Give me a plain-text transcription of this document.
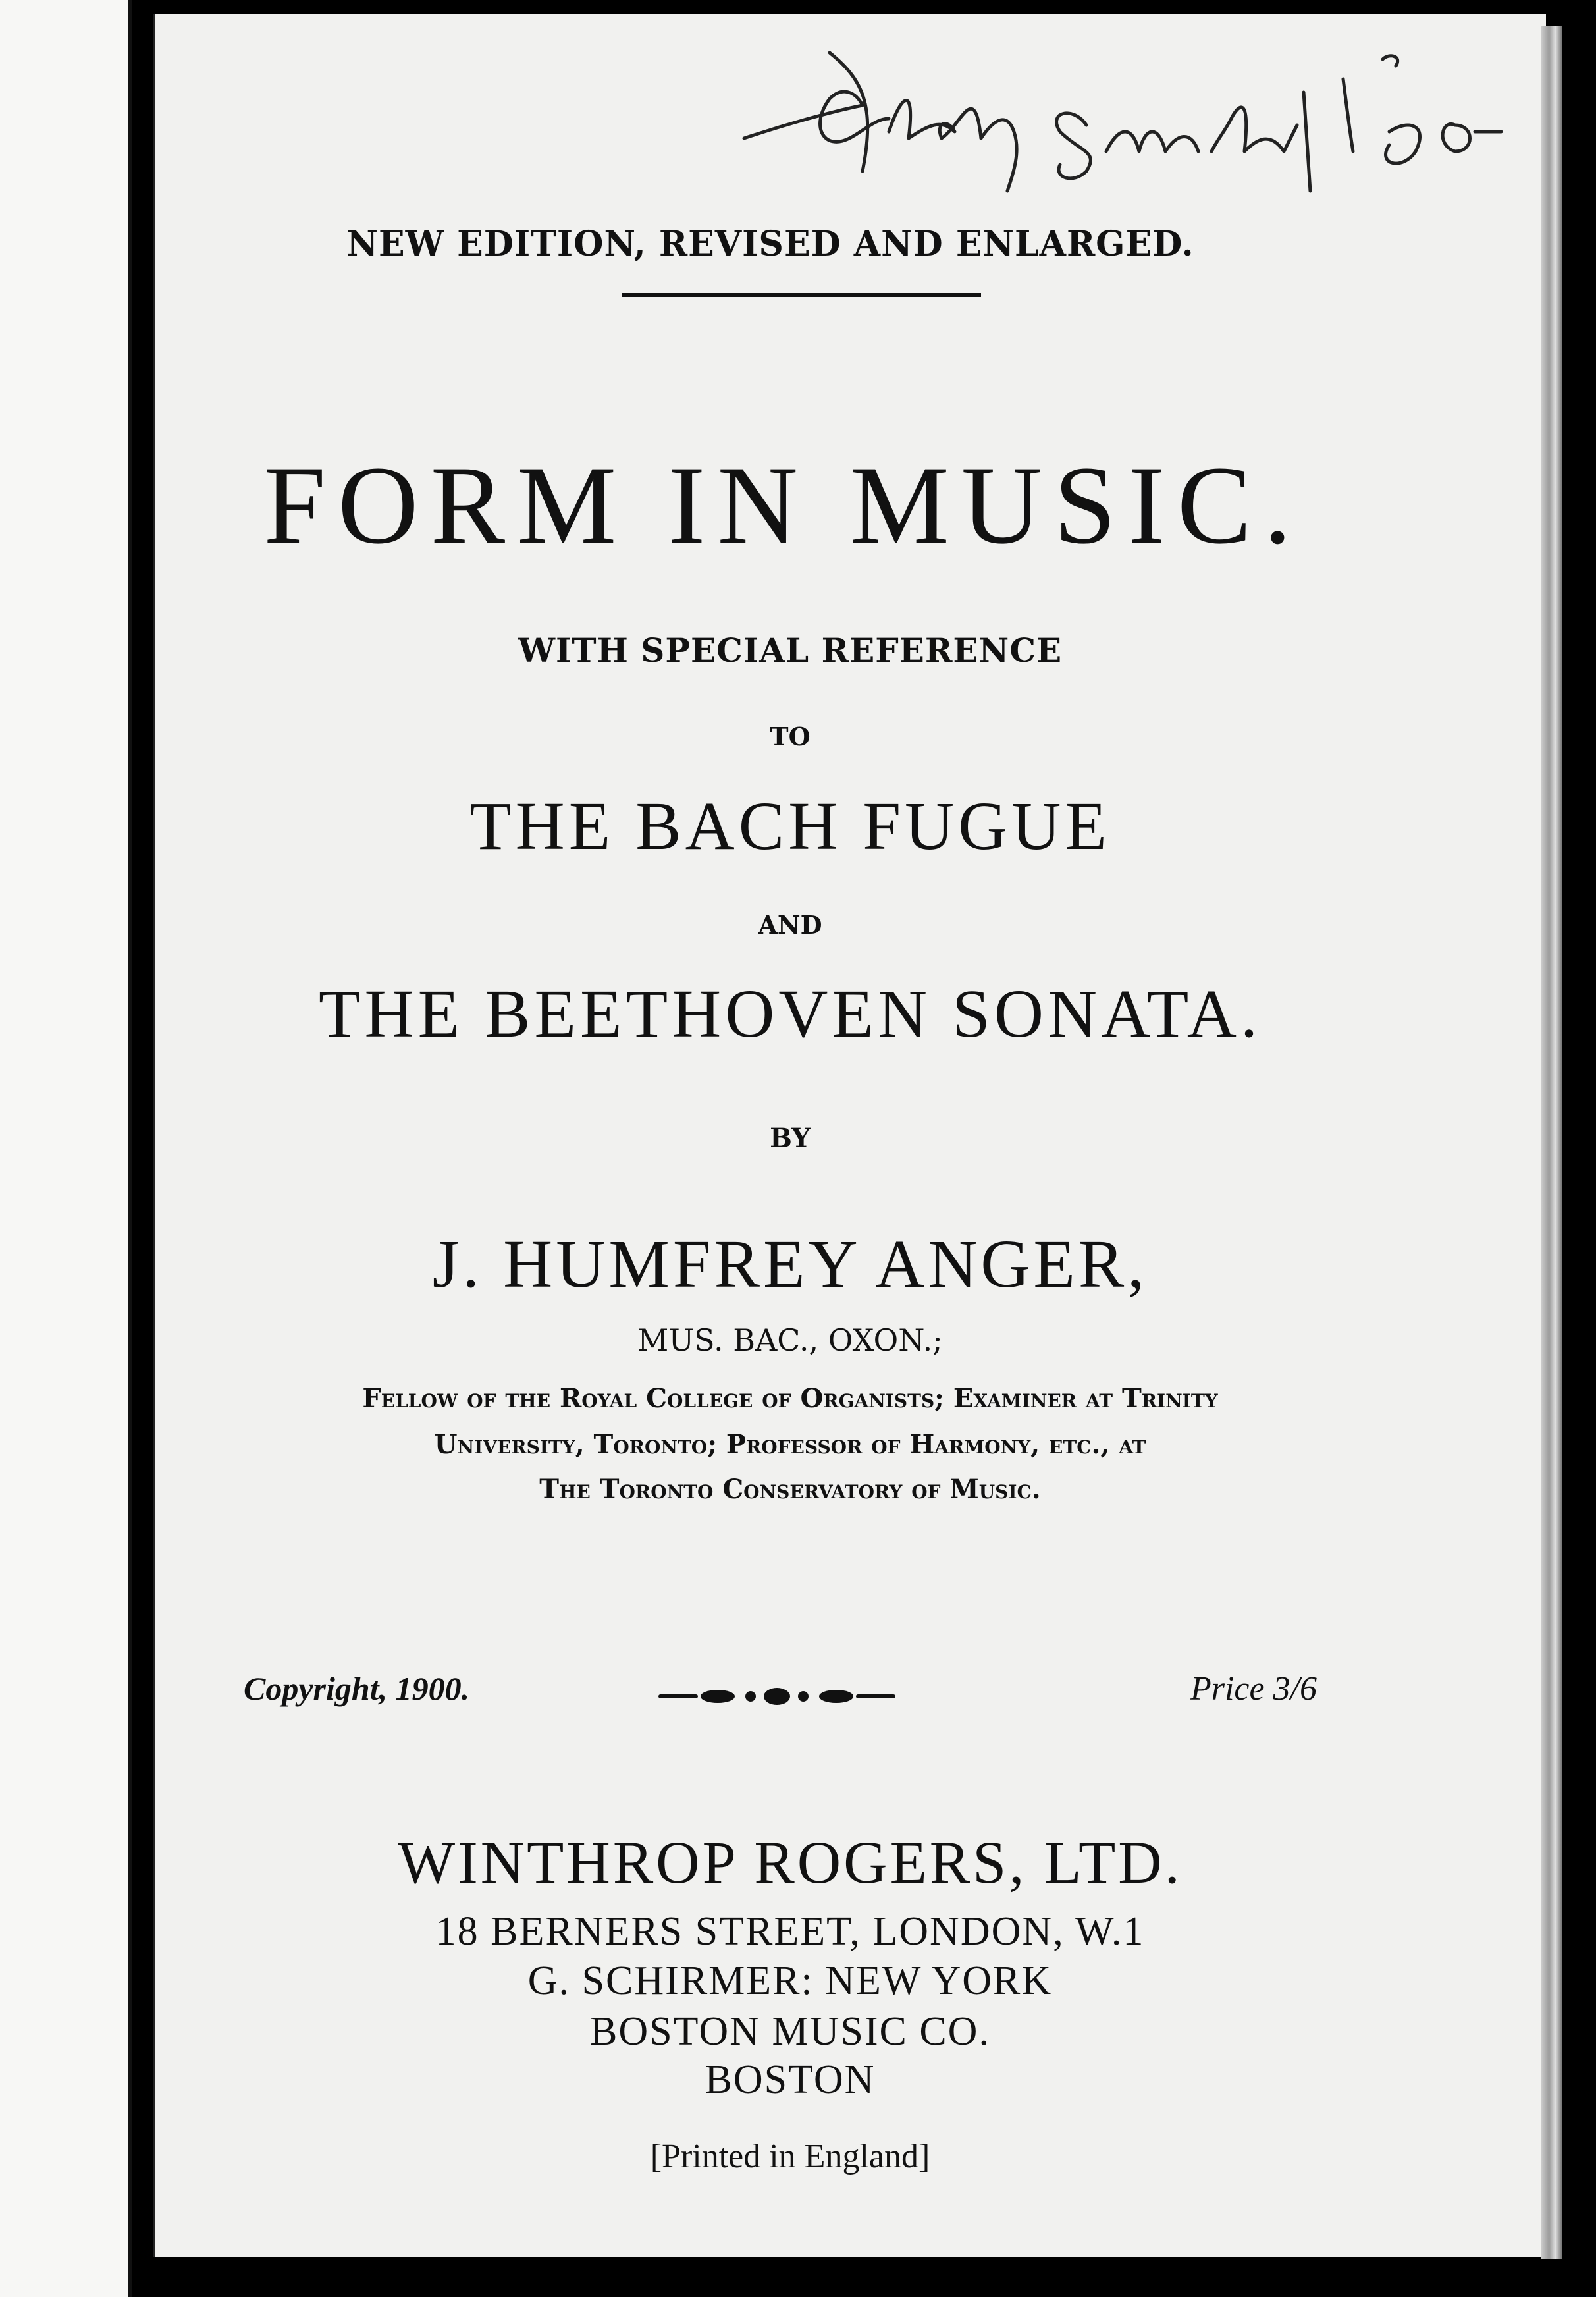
NEW EDITION, REVISED AND ENLARGED.
FORM IN MUSIC.
WITH SPECIAL REFERENCE
TO
THE BACH FUGUE
AND
THE BEETHOVEN SONATA.
BY
J. HUMFREY ANGER,
MUS. BAC., OXON.;
Fellow of the Royal College of Organists; Examiner at Trinity
University, Toronto; Professor of Harmony, etc., at
The Toronto Conservatory of Music.
Copyright, 1900.	Price 3/6
WINTHROP ROGERS, LTD.
18 BERNERS STREET, LONDON, W.1
G. SCHIRMER: NEW YORK
BOSTON MUSIC CO.
BOSTON
[Printed in England]
